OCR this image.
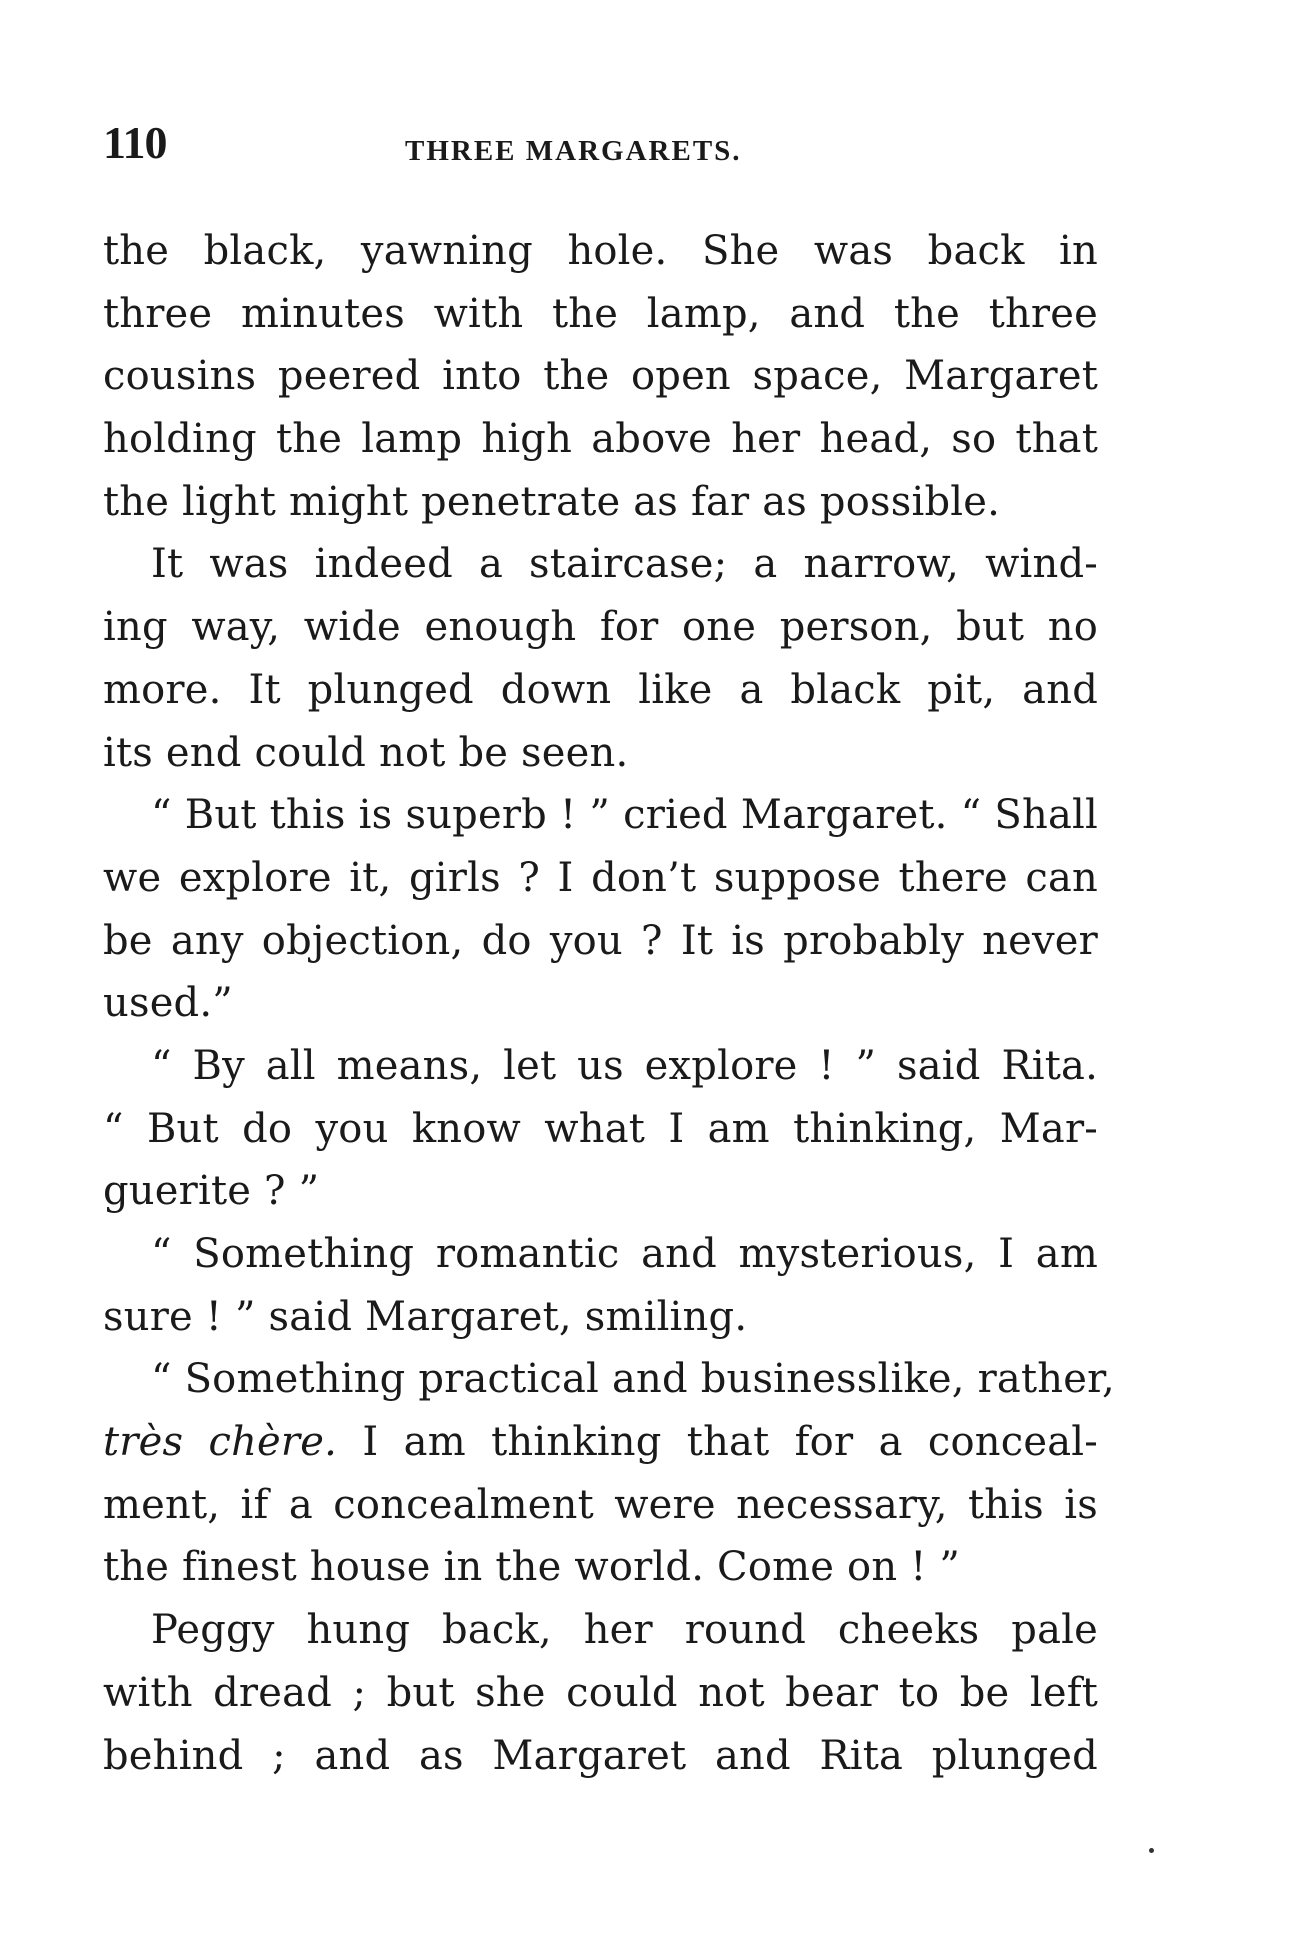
110	THREE MARGARETS.
the black, yawning hole. She was back in
three minutes with the lamp, and the three
cousins peered into the open space, Margaret
holding the lamp high above her head, so that
the light might penetrate as far as possible.
It was indeed a staircase; a narrow, wind-
ing way, wide enough for one person, but no
more. It plunged down like a black pit, and
its end could not be seen.
“ But this is superb ! ” cried Margaret. “ Shall
we explore it, girls ? I don’t suppose there can
be any objection, do you ? It is probably never
used.”
“ By all means, let us explore ! ” said Rita.
“ But do you know what I am thinking, Mar-
guerite ? ”
“ Something romantic and mysterious, I am
sure ! ” said Margaret, smiling.
“ Something practical and businesslike, rather,
très chère. I am thinking that for a conceal-
ment, if a concealment were necessary, this is
the finest house in the world. Come on ! ”
Peggy hung back, her round cheeks pale
with dread ; but she could not bear to be left
behind ; and as Margaret and Rita plunged
